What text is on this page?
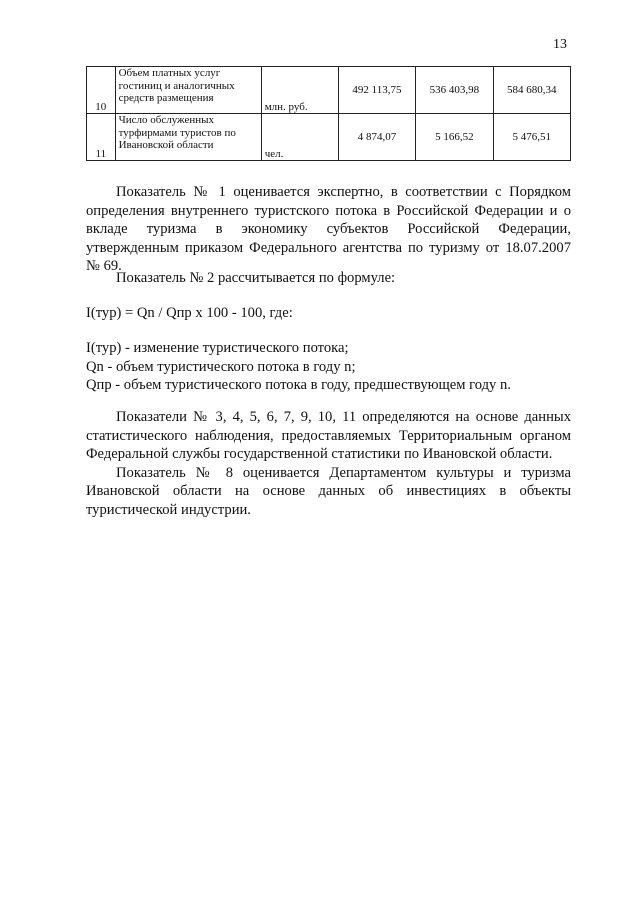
13
10	Объем платных услуг
гостиниц и аналогичных
средств размещения	млн. руб.	492 113,75	536 403,98	584 680,34
11	Число обслуженных
турфирмами туристов по
Ивановской области	чел.	4 874,07	5 166,52	5 476,51

Показатель № 1 оценивается экспертно, в соответствии с Порядком определения внутреннего туристского потока в Российской Федерации и о вкладе туризма в экономику субъектов Российской Федерации, утвержденным приказом Федерального агентства по туризму от 18.07.2007 № 69.

Показатель № 2 рассчитывается по формуле:

I(тур) = Qn / Qпр х 100 - 100, где:

I(тур) - изменение туристического потока;

Qn - объем туристического потока в году n;

Qпр - объем туристического потока в году, предшествующем году n.

Показатели № 3, 4, 5, 6, 7, 9, 10, 11 определяются на основе данных статистического наблюдения, предоставляемых Территориальным органом Федеральной службы государственной статистики по Ивановской области.

Показатель № 8 оценивается Департаментом культуры и туризма Ивановской области на основе данных об инвестициях в объекты туристической индустрии.
